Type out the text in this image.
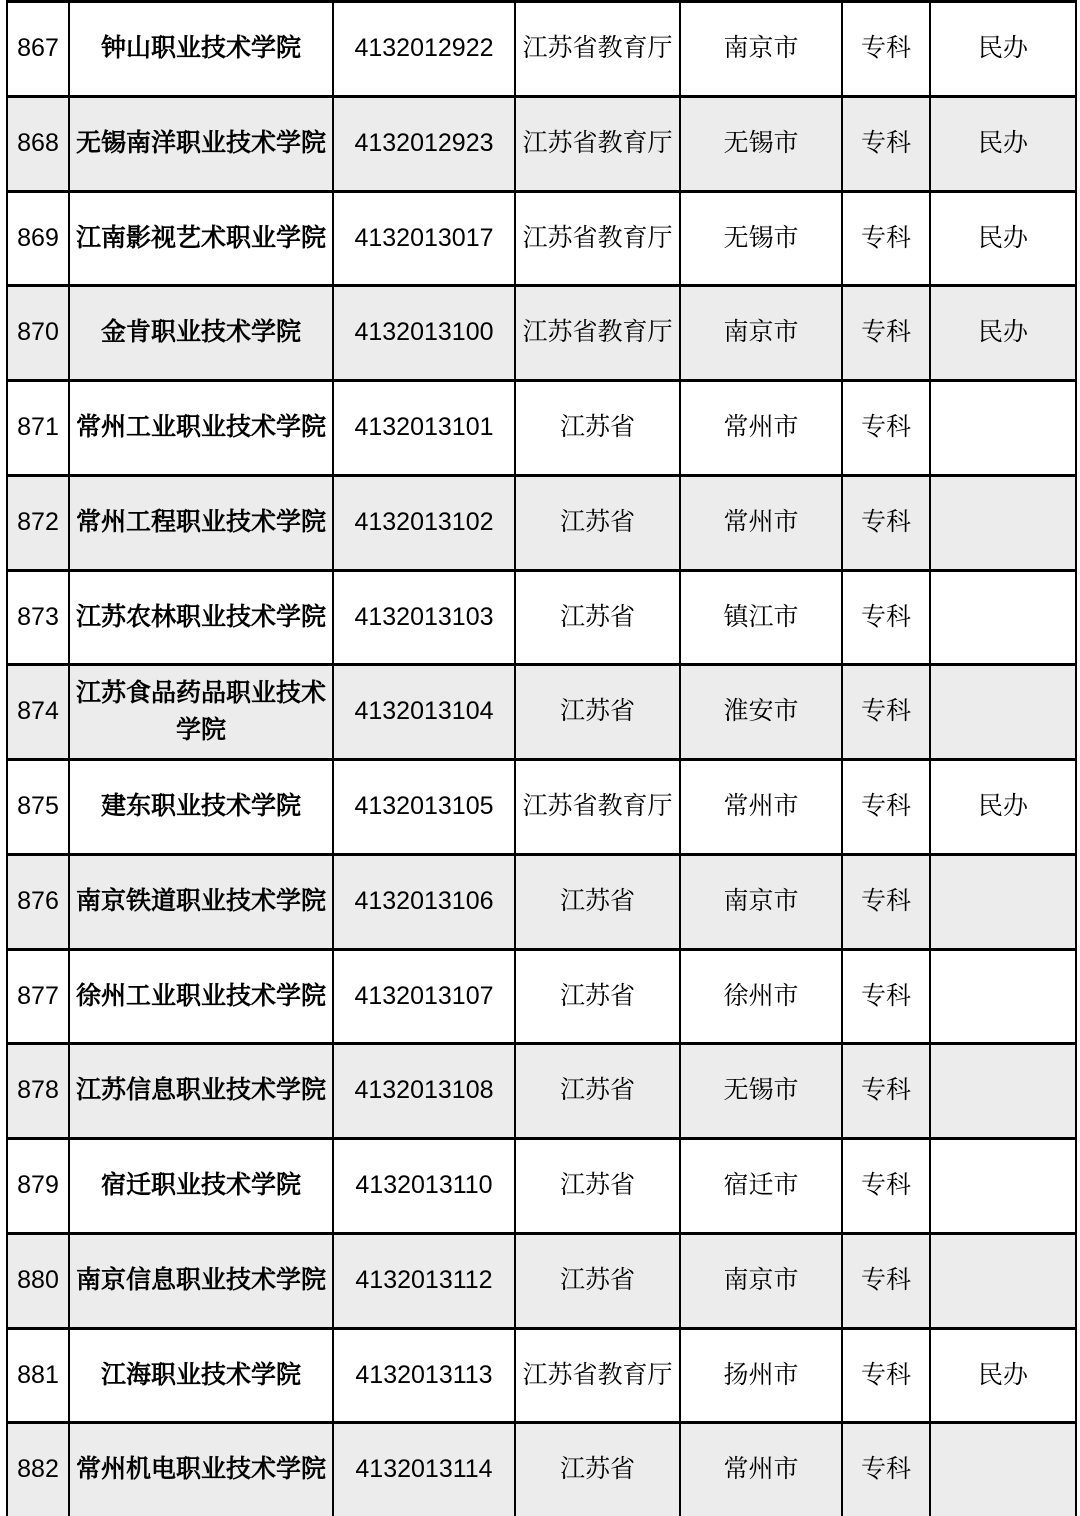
867	钟山职业技术学院	4132012922	江苏省教育厅	南京市	专科	民办
868	无锡南洋职业技术学院	4132012923	江苏省教育厅	无锡市	专科	民办
869	江南影视艺术职业学院	4132013017	江苏省教育厅	无锡市	专科	民办
870	金肯职业技术学院	4132013100	江苏省教育厅	南京市	专科	民办
871	常州工业职业技术学院	4132013101	江苏省	常州市	专科	
872	常州工程职业技术学院	4132013102	江苏省	常州市	专科	
873	江苏农林职业技术学院	4132013103	江苏省	镇江市	专科	
874	江苏食品药品职业技术学院	4132013104	江苏省	淮安市	专科	
875	建东职业技术学院	4132013105	江苏省教育厅	常州市	专科	民办
876	南京铁道职业技术学院	4132013106	江苏省	南京市	专科	
877	徐州工业职业技术学院	4132013107	江苏省	徐州市	专科	
878	江苏信息职业技术学院	4132013108	江苏省	无锡市	专科	
879	宿迁职业技术学院	4132013110	江苏省	宿迁市	专科	
880	南京信息职业技术学院	4132013112	江苏省	南京市	专科	
881	江海职业技术学院	4132013113	江苏省教育厅	扬州市	专科	民办
882	常州机电职业技术学院	4132013114	江苏省	常州市	专科	
